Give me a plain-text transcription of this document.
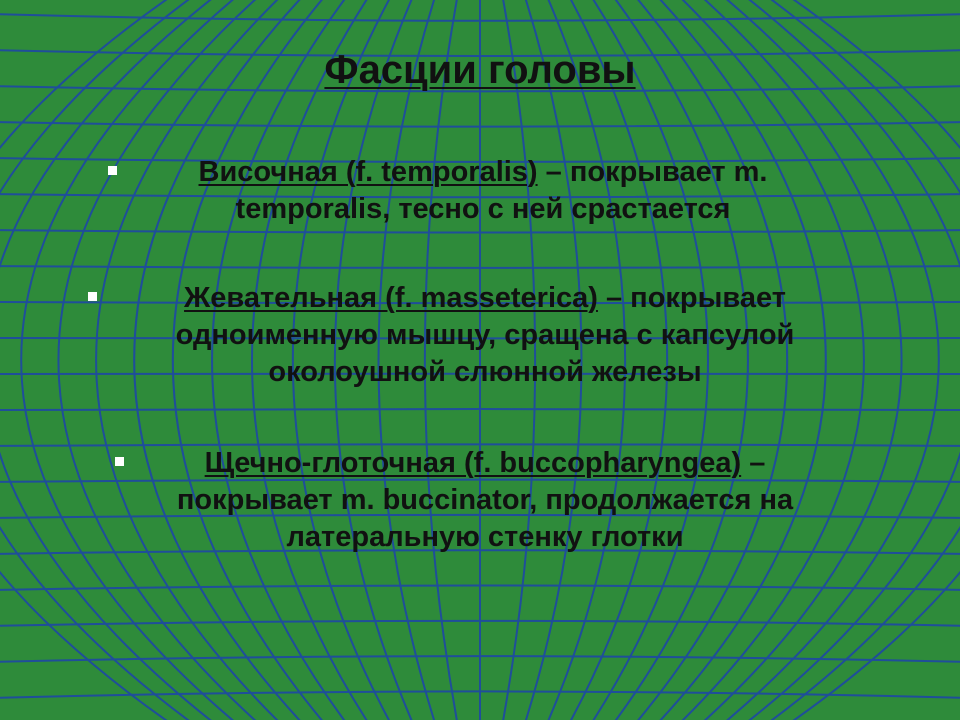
Фасции головы
Височная (f. temporalis) – покрывает m.
temporalis, тесно с ней срастается
Жевательная (f. masseterica) – покрывает
одноименную мышцу, сращена с капсулой
околоушной слюнной железы
Щечно-глоточная (f. buccopharyngea) –
покрывает m. buccinator, продолжается на
латеральную стенку глотки
